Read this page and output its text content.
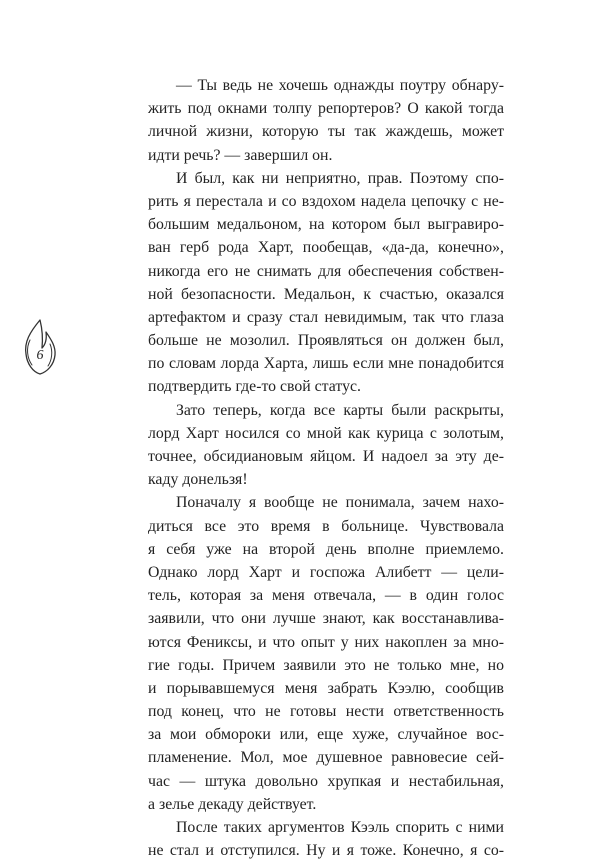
6
— Ты ведь не хочешь однажды поутру обнару-
жить под окнами толпу репортеров? О какой тогда
личной жизни, которую ты так жаждешь, может
идти речь? — завершил он.
И был, как ни неприятно, прав. Поэтому спо-
рить я перестала и со вздохом надела цепочку с не-
большим медальоном, на котором был выгравиро-
ван герб рода Харт, пообещав, «да-да, конечно»,
никогда его не снимать для обеспечения собствен-
ной безопасности. Медальон, к счастью, оказался
артефактом и сразу стал невидимым, так что глаза
больше не мозолил. Проявляться он должен был,
по словам лорда Харта, лишь если мне понадобится
подтвердить где-то свой статус.
Зато теперь, когда все карты были раскрыты,
лорд Харт носился со мной как курица с золотым,
точнее, обсидиановым яйцом. И надоел за эту де-
каду донельзя!
Поначалу я вообще не понимала, зачем нахо-
диться все это время в больнице. Чувствовала
я себя уже на второй день вполне приемлемо.
Однако лорд Харт и госпожа Алибетт — цели-
тель, которая за меня отвечала, — в один голос
заявили, что они лучше знают, как восстанавлива-
ются Фениксы, и что опыт у них накоплен за мно-
гие годы. Причем заявили это не только мне, но
и порывавшемуся меня забрать Кээлю, сообщив
под конец, что не готовы нести ответственность
за мои обмороки или, еще хуже, случайное вос-
пламенение. Мол, мое душевное равновесие сей-
час — штука довольно хрупкая и нестабильная,
а зелье декаду действует.
После таких аргументов Кээль спорить с ними
не стал и отступился. Ну и я тоже. Конечно, я со-
